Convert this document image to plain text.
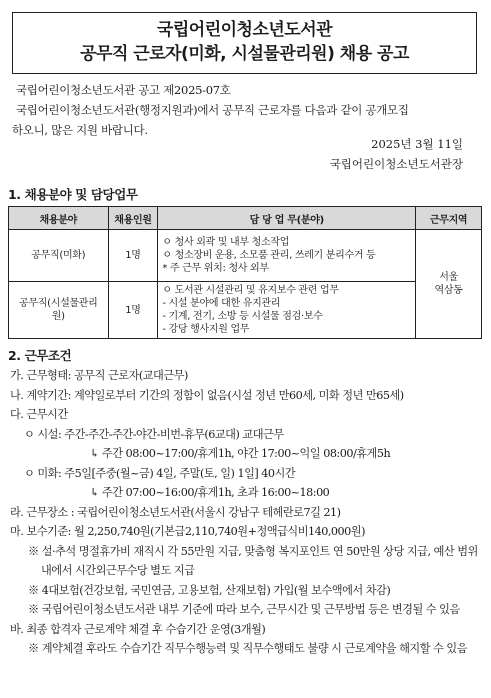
국립어린이청소년도서관
공무직 근로자(미화, 시설물관리원) 채용 공고
국립어린이청소년도서관 공고 제2025-07호
국립어린이청소년도서관(행정지원과)에서 공무직 근로자를 다음과 같이 공개모집
하오니, 많은 지원 바랍니다.
2025년 3월 11일
국립어린이청소년도서관장
1. 채용분야 및 담당업무
채용분야	채용인원	담 당 업 무(분야)	근무지역
공무직(미화)	1명	ㅇ 청사 외곽 및 내부 청소작업
ㅇ 청소장비 운용, 소모품 관리, 쓰레기 분리수거 등
* 주 근무 위치: 청사 외부	서울
역삼동

공무직(시설물관리원)	1명	ㅇ 도서관 시설관리 및 유지보수 관련 업무
- 시설 분야에 대한 유지관리
- 기계, 전기, 소방 등 시설물 점검·보수
- 강당 행사지원 업무	
2. 근무조건
가. 근무형태: 공무직 근로자(교대근무)
나. 계약기간: 계약일로부터 기간의 정함이 없음(시설 정년 만60세, 미화 정년 만65세)
다. 근무시간
ㅇ 시설: 주간-주간-주간-야간-비번-휴무(6교대) 교대근무
↳ 주간 08:00~17:00/휴게1h, 야간 17:00~익일 08:00/휴게5h
ㅇ 미화: 주5일[주중(월~금) 4일, 주말(토, 일) 1일] 40시간
↳ 주간 07:00~16:00/휴게1h, 초과 16:00~18:00
라. 근무장소 : 국립어린이청소년도서관(서울시 강남구 테헤란로7길 21)
마. 보수기준: 월 2,250,740원(기본급2,110,740원+정액급식비140,000원)
※ 설·추석 명절휴가비 재직시 각 55만원 지급, 맞춤형 복지포인트 연 50만원 상당 지급, 예산 범위 내에서 시간외근무수당 별도 지급
※ 4대보험(건강보험, 국민연금, 고용보험, 산재보험) 가입(월 보수액에서 차감)
※ 국립어린이청소년도서관 내부 기준에 따라 보수, 근무시간 및 근무방법 등은 변경될 수 있음
바. 최종 합격자 근로계약 체결 후 수습기간 운영(3개월)
※ 계약체결 후라도 수습기간 직무수행능력 및 직무수행태도 불량 시 근로계약을 해지할 수 있음
